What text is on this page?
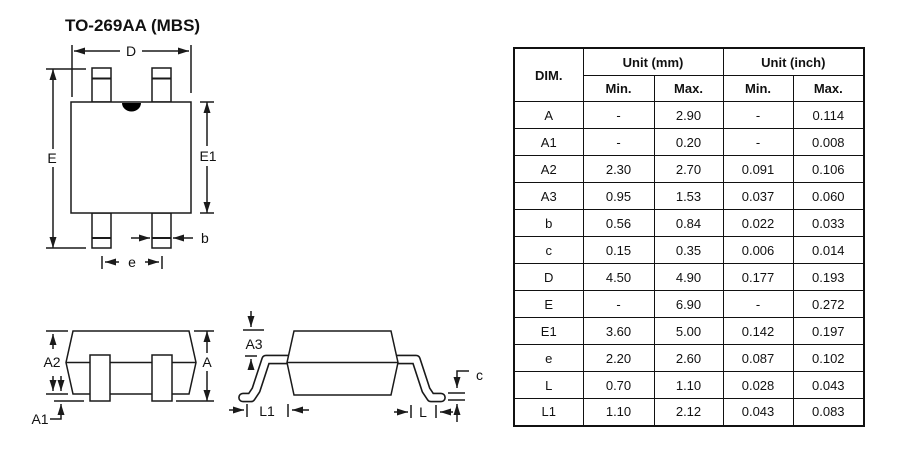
TO-269AA (MBS)
D
E	E1
b
e
A2
A1
A
A3
L1	L
c
DIM.	Unit (mm)		Unit (inch)	
	Min.	Max.	Min.	Max.
A	-	2.90	-	0.114
A1	-	0.20	-	0.008
A2	2.30	2.70	0.091	0.106
A3	0.95	1.53	0.037	0.060
b	0.56	0.84	0.022	0.033
c	0.15	0.35	0.006	0.014
D	4.50	4.90	0.177	0.193
E	-	6.90	-	0.272
E1	3.60	5.00	0.142	0.197
e	2.20	2.60	0.087	0.102
L	0.70	1.10	0.028	0.043
L1	1.10	2.12	0.043	0.083
